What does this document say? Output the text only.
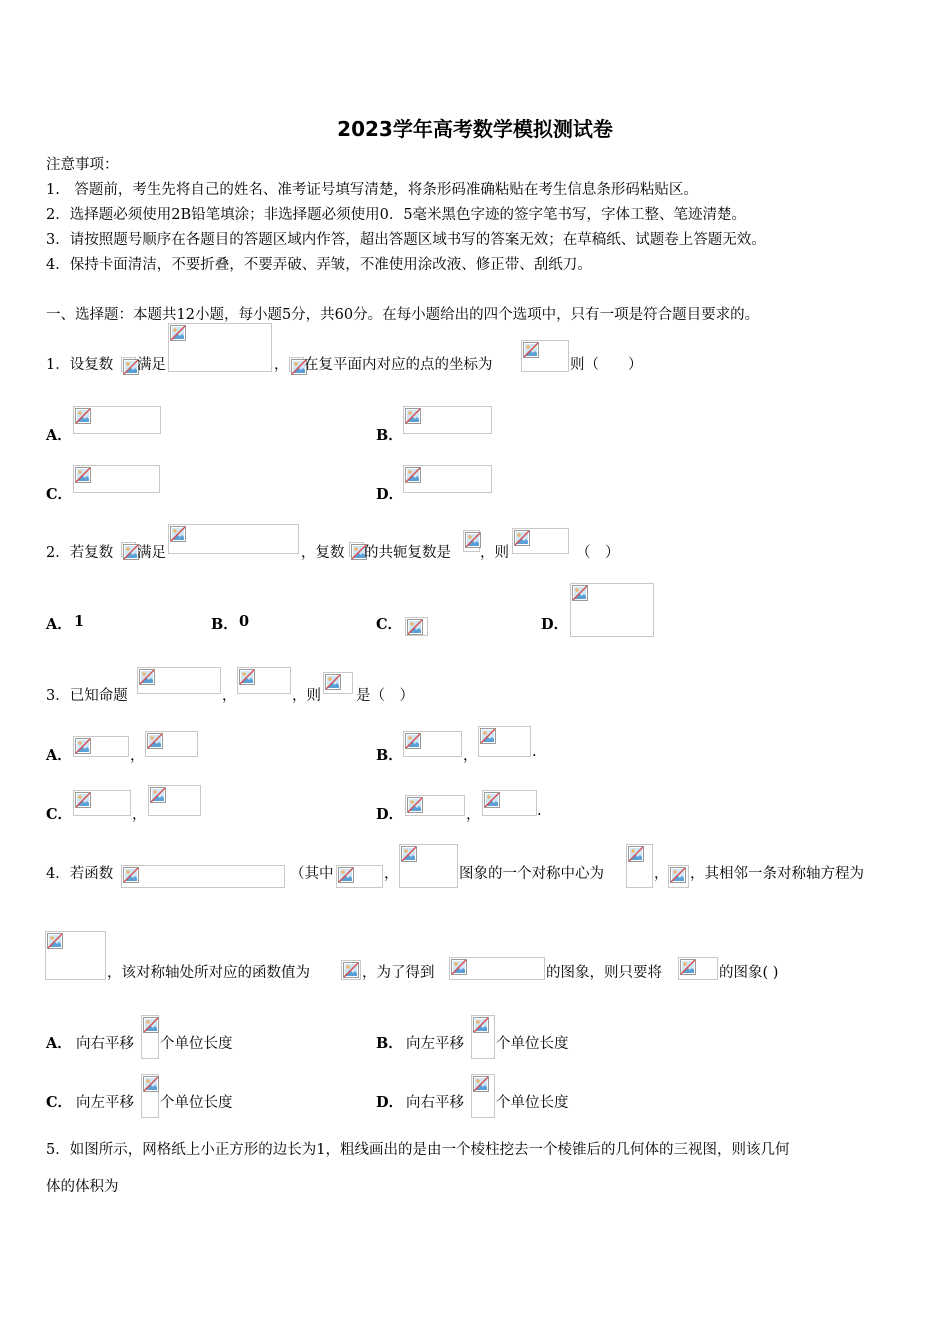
2023学年高考数学模拟测试卷
注意事项：
1.　答题前，考生先将自己的姓名、准考证号填写清楚，将条形码准确粘贴在考生信息条形码粘贴区。
2．选择题必须使用2B铅笔填涂；非选择题必须使用0．5毫米黑色字迹的签字笔书写，字体工整、笔迹清楚。
3．请按照题号顺序在各题目的答题区域内作答，超出答题区域书写的答案无效；在草稿纸、试题卷上答题无效。
4．保持卡面清洁，不要折叠，不要弄破、弄皱，不准使用涂改液、修正带、刮纸刀。
一、选择题：本题共12小题，每小题5分，共60分。在每小题给出的四个选项中，只有一项是符合题目要求的。
1．设复数 满足	， 在复平面内对应的点的坐标为	则（　　）
A．	B．
C．	D．
2．若复数 满足	，复数 的共轭复数是 ，则	（　）
A． 1	B． 0	C．	D．
3．已知命题	，	，则 是（　）
A．	，	B．	，	.
C．	，	D．	，	.
4．若函数	（其中	，	图象的一个对称中心为	， ，其相邻一条对称轴方程为
，该对称轴处所对应的函数值为	，为了得到	的图象，则只要将	的图象( )
A． 向右平移 个单位长度	B． 向左平移 个单位长度
C． 向左平移 个单位长度	D． 向右平移 个单位长度
5．如图所示，网格纸上小正方形的边长为1，粗线画出的是由一个棱柱挖去一个棱锥后的几何体的三视图，则该几何
体的体积为
